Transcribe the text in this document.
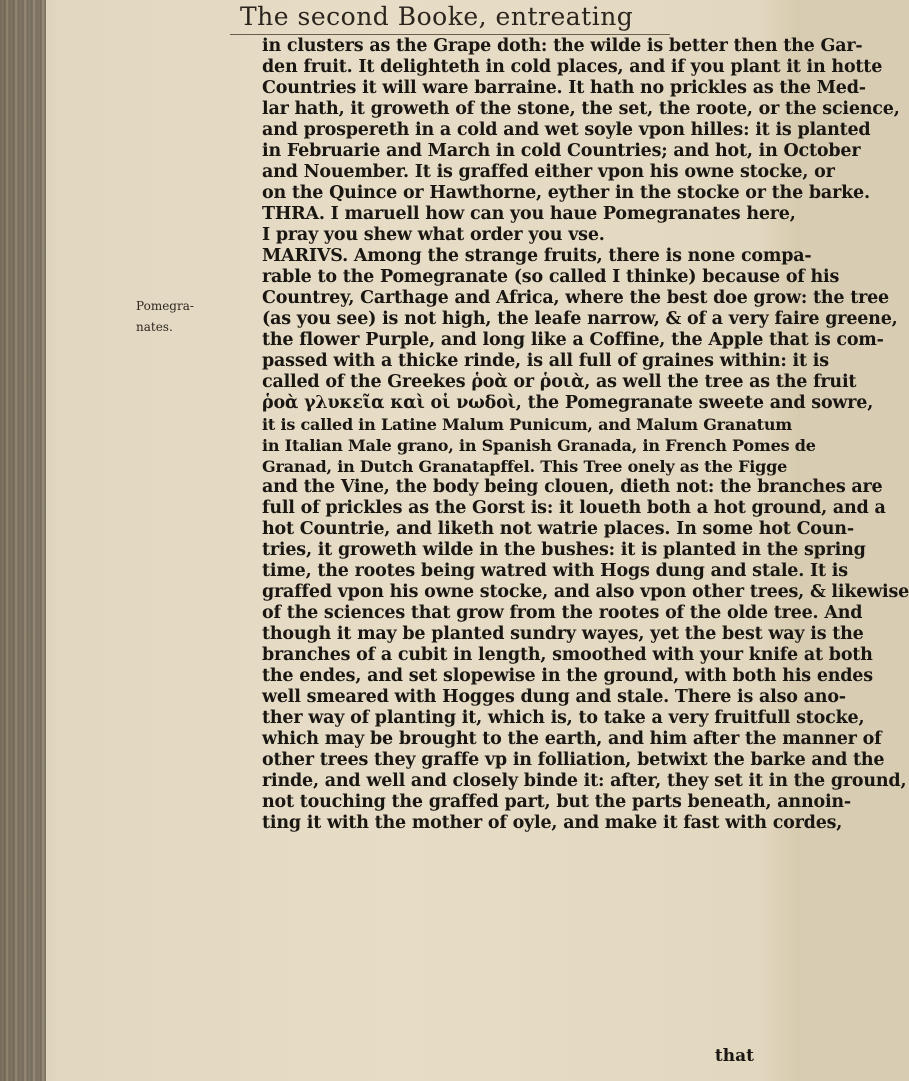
The second Booke, entreating
Pomegra-
nates.
in clusters as the Grape doth: the wilde is better then the Gar-
den fruit. It delighteth in cold places, and if you plant it in hotte
Countries it will ware barraine. It hath no prickles as the Med-
lar hath, it groweth of the stone, the set, the roote, or the science,
and prospereth in a cold and wet soyle vpon hilles: it is planted
in Februarie and March in cold Countries; and hot, in October
and Nouember. It is graffed either vpon his owne stocke, or
on the Quince or Hawthorne, eyther in the stocke or the barke.
THRA. I maruell how can you haue Pomegranates here,
I pray you shew what order you vse.
MARIVS. Among the strange fruits, there is none compa-
rable to the Pomegranate (so called I thinke) because of his
Countrey, Carthage and Africa, where the best doe grow: the tree
(as you see) is not high, the leafe narrow, & of a very faire greene,
the flower Purple, and long like a Coffine, the Apple that is com-
passed with a thicke rinde, is all full of graines within: it is
called of the Greekes ῥοὰ or ῥοιὰ, as well the tree as the fruit
ῥοὰ γλυκεῖα καὶ οἱ νωδοὶ, the Pomegranate sweete and sowre,
it is called in Latine Malum Punicum, and Malum Granatum
in Italian Male grano, in Spanish Granada, in French Pomes de
Granad, in Dutch Granatapffel. This Tree onely as the Figge
and the Vine, the body being clouen, dieth not: the branches are
full of prickles as the Gorst is: it loueth both a hot ground, and a
hot Countrie, and liketh not watrie places. In some hot Coun-
tries, it groweth wilde in the bushes: it is planted in the spring
time, the rootes being watred with Hogs dung and stale. It is
graffed vpon his owne stocke, and also vpon other trees, & likewise
of the sciences that grow from the rootes of the olde tree. And
though it may be planted sundry wayes, yet the best way is the
branches of a cubit in length, smoothed with your knife at both
the endes, and set slopewise in the ground, with both his endes
well smeared with Hogges dung and stale. There is also ano-
ther way of planting it, which is, to take a very fruitfull stocke,
which may be brought to the earth, and him after the manner of
other trees they graffe vp in folliation, betwixt the barke and the
rinde, and well and closely binde it: after, they set it in the ground,
not touching the graffed part, but the parts beneath, annoin-
ting it with the mother of oyle, and make it fast with cordes,
that
